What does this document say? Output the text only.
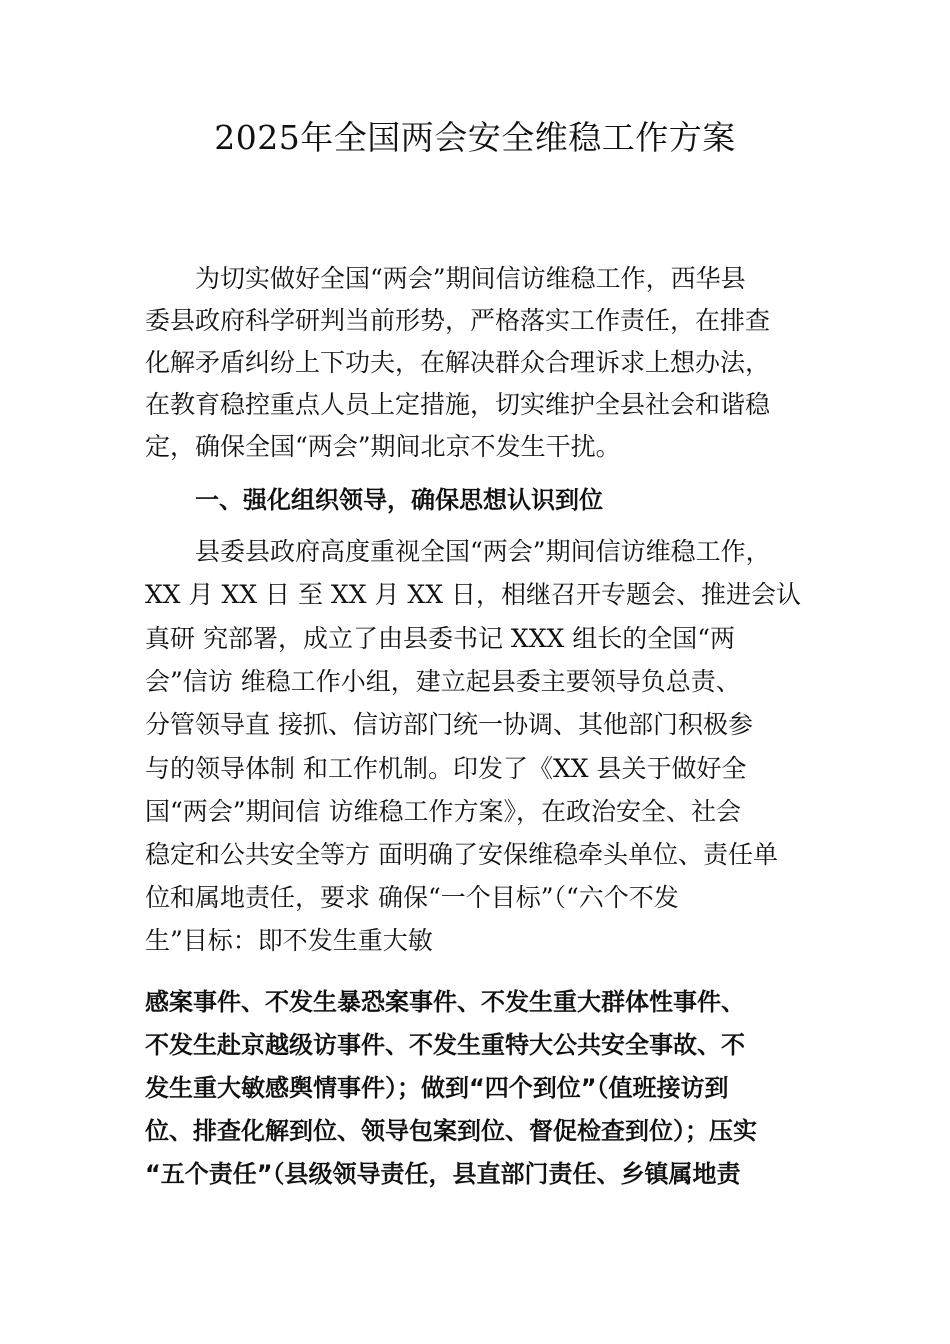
2025年全国两会安全维稳工作方案

为切实做好全国“两会”期间信访维稳工作，西华县

委县政府科学研判当前形势，严格落实工作责任，在排查

化解矛盾纠纷上下功夫，在解决群众合理诉求上想办法，

在教育稳控重点人员上定措施，切实维护全县社会和谐稳

定，确保全国“两会”期间北京不发生干扰。

一、强化组织领导，确保思想认识到位

县委县政府高度重视全国“两会”期间信访维稳工作，

XX 月 XX 日 至 XX 月 XX 日，相继召开专题会、推进会认

真研 究部署，成立了由县委书记 XXX 组长的全国“两

会”信访 维稳工作小组，建立起县委主要领导负总责、

分管领导直 接抓、信访部门统一协调、其他部门积极参

与的领导体制 和工作机制。印发了《XX 县关于做好全

国“两会”期间信 访维稳工作方案》，在政治安全、社会

稳定和公共安全等方 面明确了安保维稳牵头单位、责任单

位和属地责任，要求 确保“一个目标”（“六个不发

生”目标：即不发生重大敏

感案事件、不发生暴恐案事件、不发生重大群体性事件、

不发生赴京越级访事件、不发生重特大公共安全事故、不

发生重大敏感舆情事件）；做到“四个到位”（值班接访到

位、排查化解到位、领导包案到位、督促检查到位）；压实

“五个责任”（县级领导责任，县直部门责任、乡镇属地责
